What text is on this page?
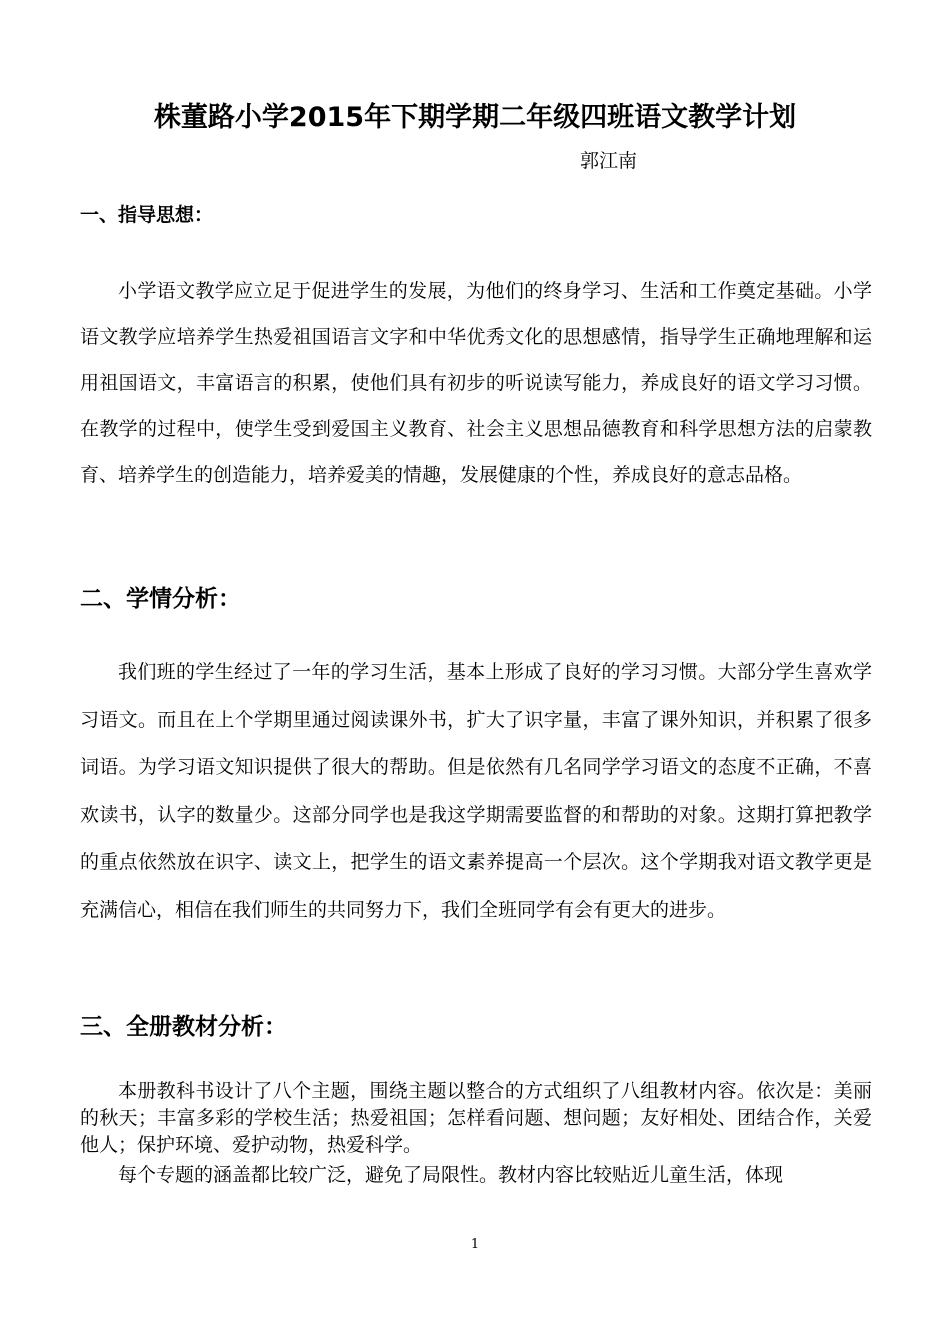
株董路小学2015年下期学期二年级四班语文教学计划
郭江南
一、指导思想：

小学语文教学应立足于促进学生的发展，为他们的终身学习、生活和工作奠定基础。小学语文教学应培养学生热爱祖国语言文字和中华优秀文化的思想感情，指导学生正确地理解和运用祖国语文，丰富语言的积累，使他们具有初步的听说读写能力，养成良好的语文学习习惯。在教学的过程中，使学生受到爱国主义教育、社会主义思想品德教育和科学思想方法的启蒙教育、培养学生的创造能力，培养爱美的情趣，发展健康的个性，养成良好的意志品格。

二、学情分析：

我们班的学生经过了一年的学习生活，基本上形成了良好的学习习惯。大部分学生喜欢学习语文。而且在上个学期里通过阅读课外书，扩大了识字量，丰富了课外知识，并积累了很多词语。为学习语文知识提供了很大的帮助。但是依然有几名同学学习语文的态度不正确，不喜欢读书，认字的数量少。这部分同学也是我这学期需要监督的和帮助的对象。这期打算把教学的重点依然放在识字、读文上，把学生的语文素养提高一个层次。这个学期我对语文教学更是充满信心，相信在我们师生的共同努力下，我们全班同学有会有更大的进步。

三、全册教材分析：

本册教科书设计了八个主题，围绕主题以整合的方式组织了八组教材内容。依次是：美丽的秋天；丰富多彩的学校生活；热爱祖国；怎样看问题、想问题；友好相处、团结合作，关爱他人；保护环境、爱护动物，热爱科学。

每个专题的涵盖都比较广泛，避免了局限性。教材内容比较贴近儿童生活，体现

1
